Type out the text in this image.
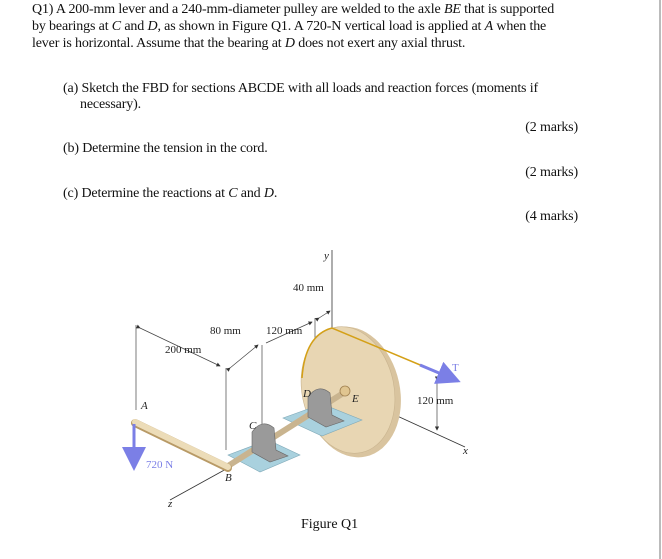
Q1) A 200-mm lever and a 240-mm-diameter pulley are welded to the axle BE that is supported
by bearings at C and D, as shown in Figure Q1. A 720-N vertical load is applied at A when the
lever is horizontal. Assume that the bearing at D does not exert any axial thrust.
(a) Sketch the FBD for sections ABCDE with all loads and reaction forces (moments if
necessary).
(2 marks)
(b) Determine the tension in the cord.
(2 marks)
(c) Determine the reactions at C and D.
(4 marks)
y
x
z
A
B
C
D	E
T
40 mm
80 mm 120 mm
200 mm
120 mm
720 N
Figure Q1
